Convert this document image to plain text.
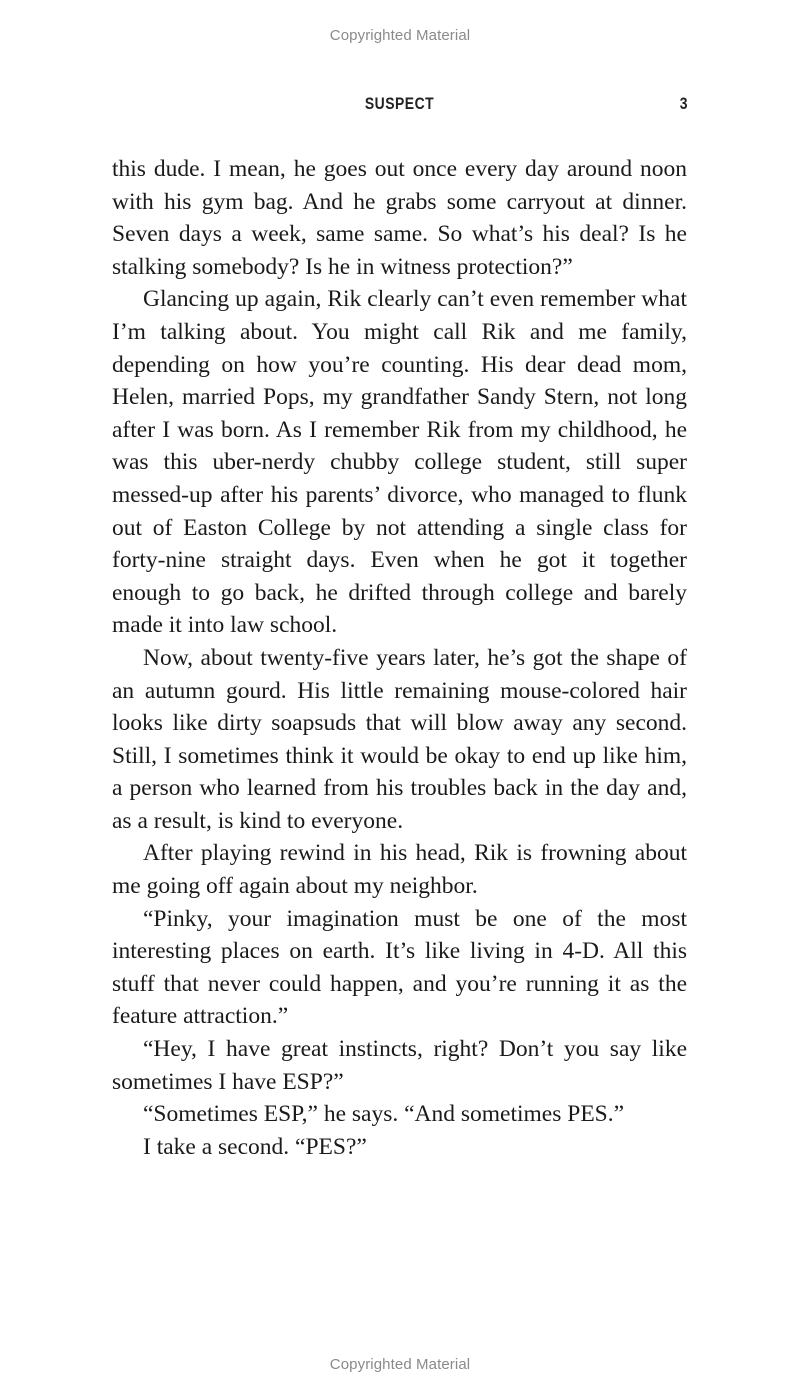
Copyrighted Material
SUSPECT	3

this dude. I mean, he goes out once every day around noon with his gym bag. And he grabs some carryout at dinner. Seven days a week, same same. So what’s his deal? Is he stalking somebody? Is he in witness protection?”

Glancing up again, Rik clearly can’t even remember what I’m talking about. You might call Rik and me family, depending on how you’re counting. His dear dead mom, Helen, married Pops, my grandfather Sandy Stern, not long after I was born. As I remember Rik from my childhood, he was this uber-nerdy chubby college student, still super messed-up after his parents’ divorce, who managed to flunk out of Easton College by not attending a single class for forty-nine straight days. Even when he got it together enough to go back, he drifted through college and barely made it into law school.

Now, about twenty-five years later, he’s got the shape of an autumn gourd. His little remaining mouse-colored hair looks like dirty soapsuds that will blow away any second. Still, I sometimes think it would be okay to end up like him, a person who learned from his troubles back in the day and, as a result, is kind to everyone.

After playing rewind in his head, Rik is frowning about me going off again about my neighbor.

“Pinky, your imagination must be one of the most interesting places on earth. It’s like living in 4-D. All this stuff that never could happen, and you’re running it as the feature attraction.”

“Hey, I have great instincts, right? Don’t you say like sometimes I have ESP?”

“Sometimes ESP,” he says. “And sometimes PES.”

I take a second. “PES?”

Copyrighted Material
